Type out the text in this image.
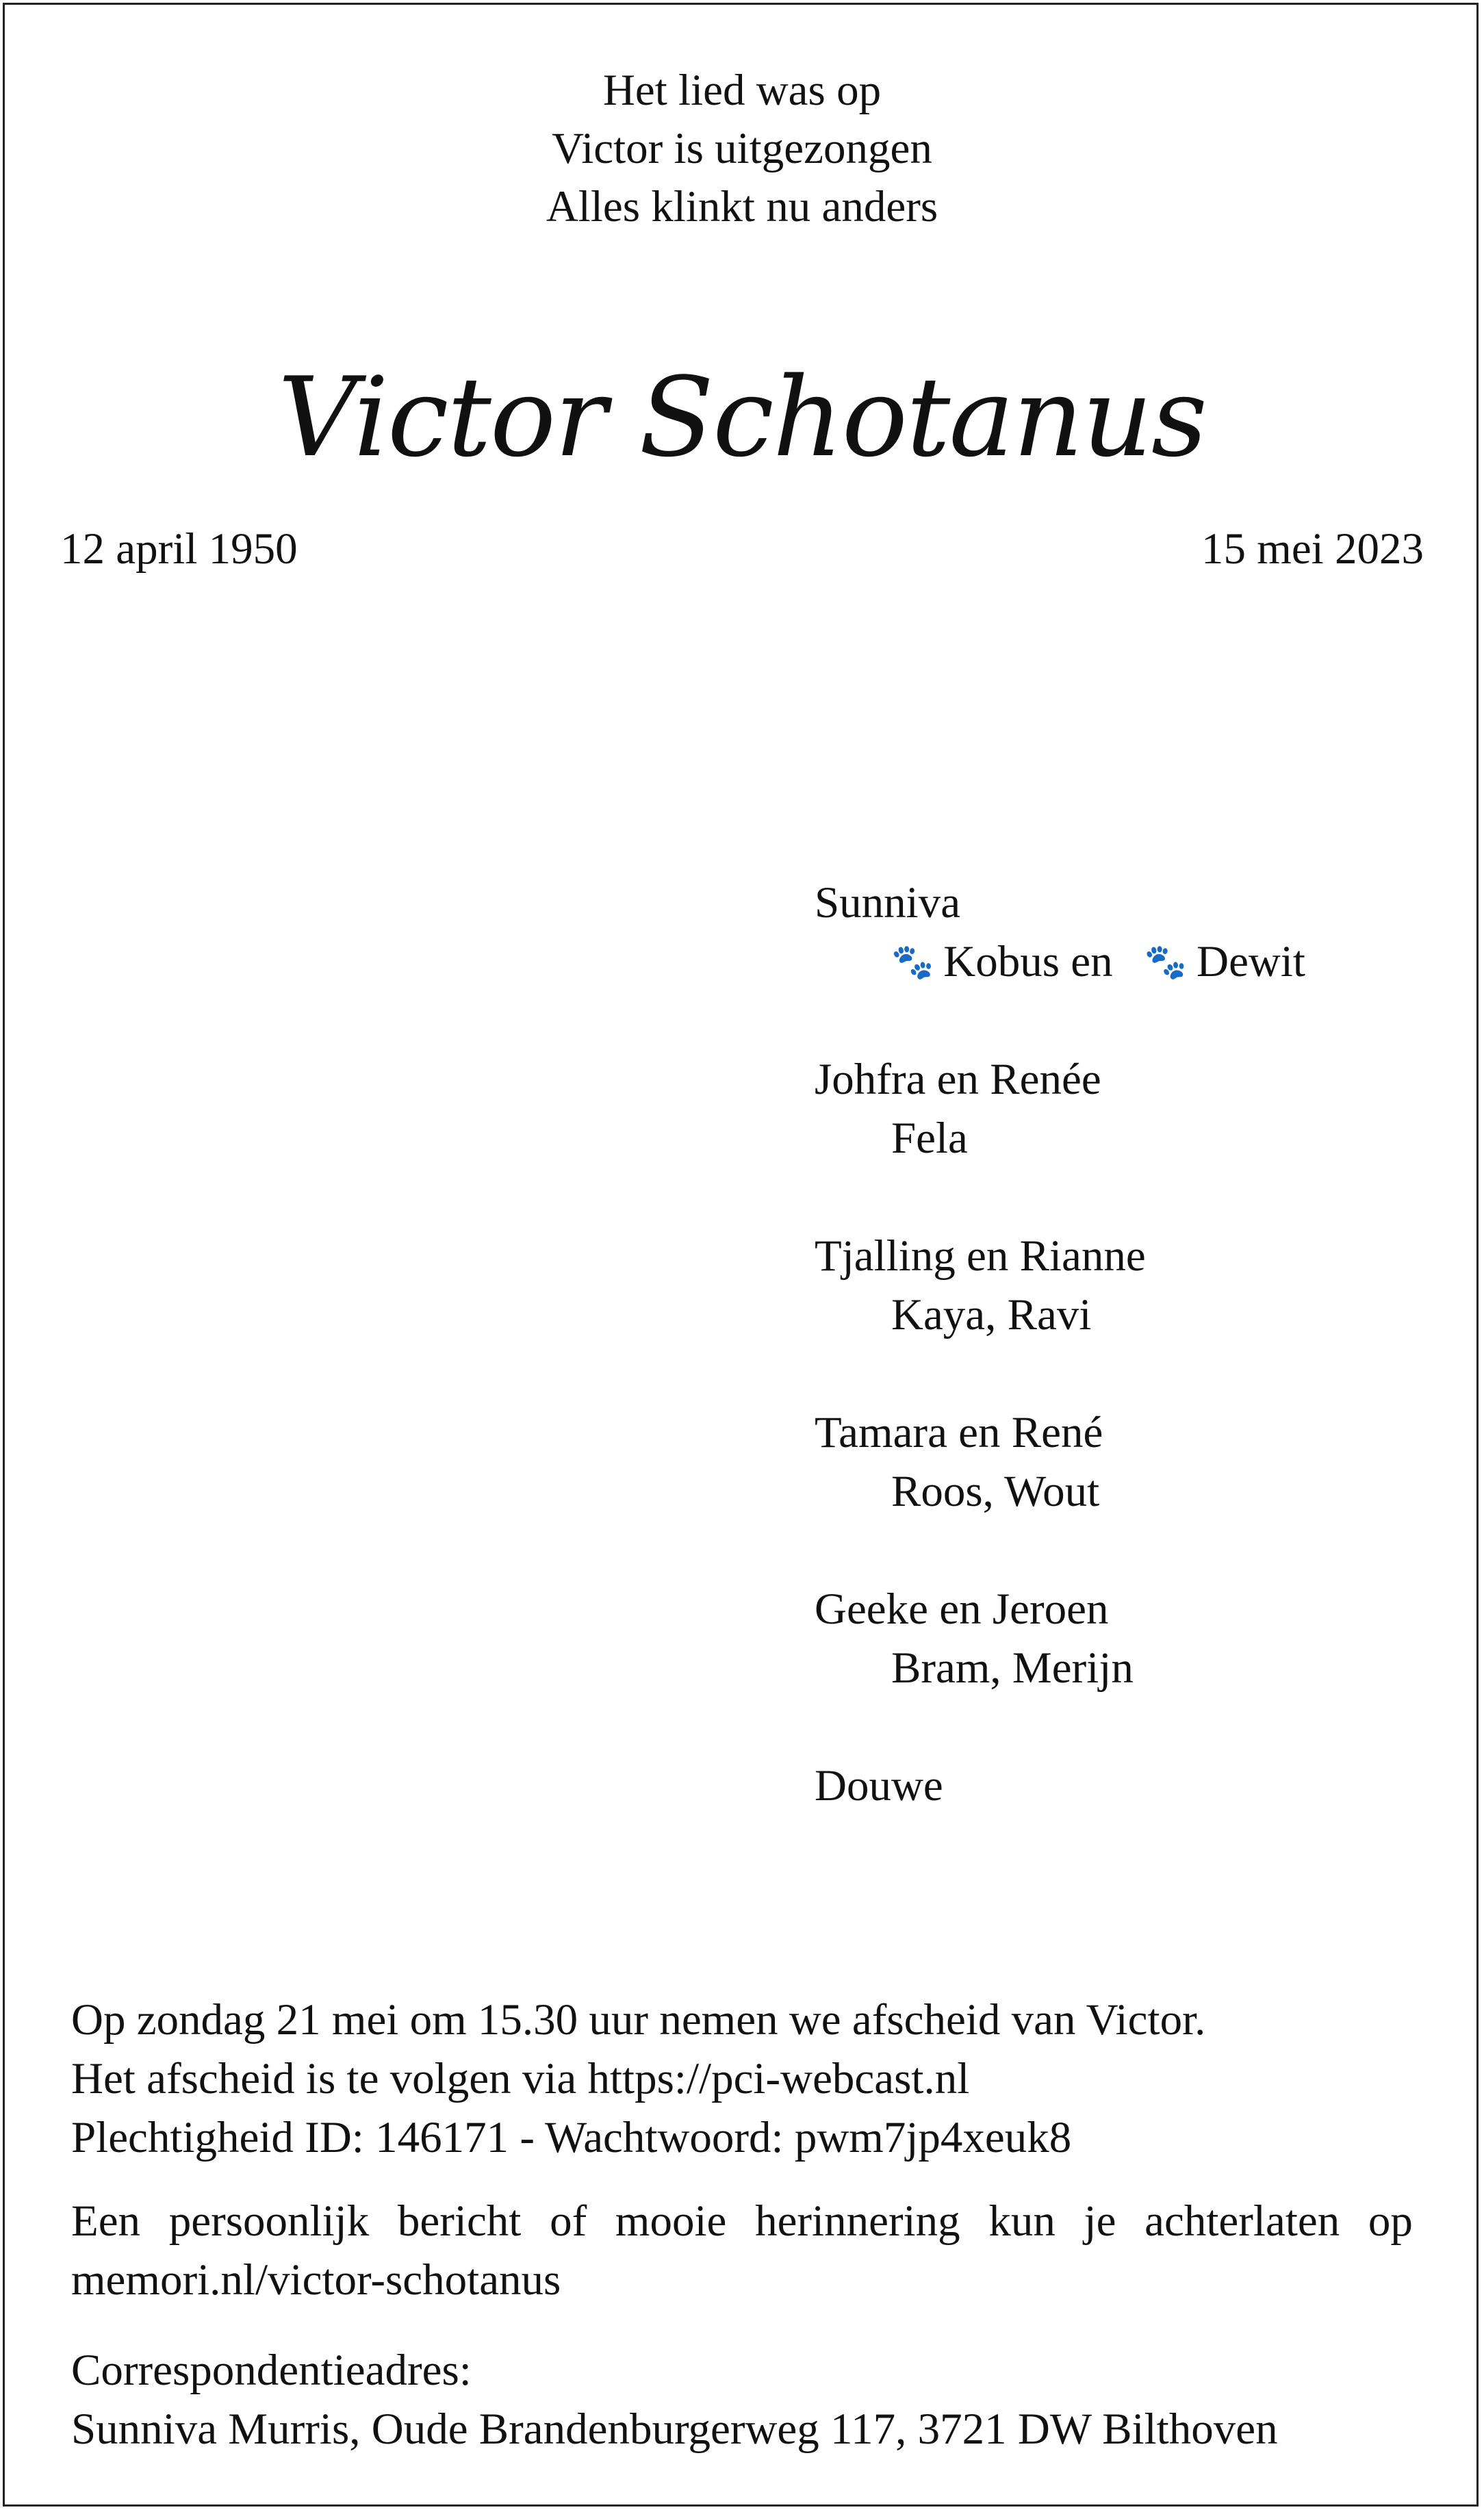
Het lied was op
Victor is uitgezongen
Alles klinkt nu anders
Victor Schotanus
12 april 1950	15 mei 2023
Sunniva
🐾 Kobus en 🐾 Dewit
Johfra en Renée
Fela
Tjalling en Rianne
Kaya, Ravi
Tamara en René
Roos, Wout
Geeke en Jeroen
Bram, Merijn
Douwe
Op zondag 21 mei om 15.30 uur nemen we afscheid van Victor.
Het afscheid is te volgen via https://pci-webcast.nl
Plechtigheid ID: 146171 - Wachtwoord: pwm7jp4xeuk8
Een persoonlijk bericht of mooie herinnering kun je achterlaten op
memori.nl/victor-schotanus
Correspondentieadres:
Sunniva Murris, Oude Brandenburgerweg 117, 3721 DW Bilthoven
